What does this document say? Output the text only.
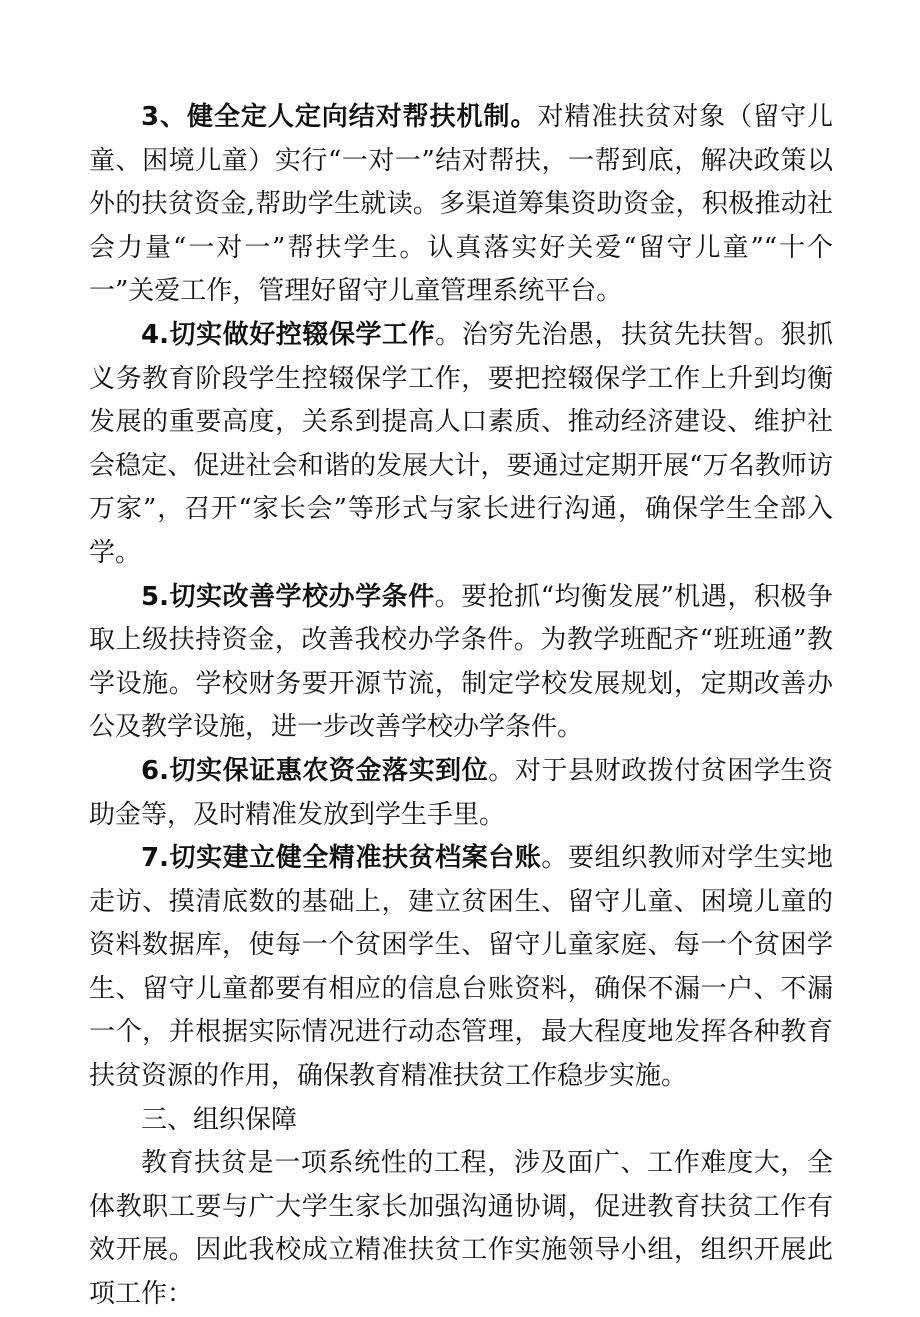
3、健全定人定向结对帮扶机制。对精准扶贫对象（留守儿童、困境儿童）实行“一对一”结对帮扶，一帮到底，解决政策以外的扶贫资金,帮助学生就读。多渠道筹集资助资金，积极推动社会力量“一对一”帮扶学生。认真落实好关爱“留守儿童”“十个一”关爱工作，管理好留守儿童管理系统平台。

4.切实做好控辍保学工作。治穷先治愚，扶贫先扶智。狠抓义务教育阶段学生控辍保学工作，要把控辍保学工作上升到均衡发展的重要高度，关系到提高人口素质、推动经济建设、维护社会稳定、促进社会和谐的发展大计，要通过定期开展“万名教师访万家”，召开“家长会”等形式与家长进行沟通，确保学生全部入学。

5.切实改善学校办学条件。要抢抓“均衡发展”机遇，积极争取上级扶持资金，改善我校办学条件。为教学班配齐“班班通”教学设施。学校财务要开源节流，制定学校发展规划，定期改善办公及教学设施，进一步改善学校办学条件。

6.切实保证惠农资金落实到位。对于县财政拨付贫困学生资助金等，及时精准发放到学生手里。

7.切实建立健全精准扶贫档案台账。要组织教师对学生实地走访、摸清底数的基础上，建立贫困生、留守儿童、困境儿童的资料数据库，使每一个贫困学生、留守儿童家庭、每一个贫困学生、留守儿童都要有相应的信息台账资料，确保不漏一户、不漏一个，并根据实际情况进行动态管理，最大程度地发挥各种教育扶贫资源的作用，确保教育精准扶贫工作稳步实施。

三、组织保障

教育扶贫是一项系统性的工程，涉及面广、工作难度大，全体教职工要与广大学生家长加强沟通协调，促进教育扶贫工作有效开展。因此我校成立精准扶贫工作实施领导小组，组织开展此项工作：
